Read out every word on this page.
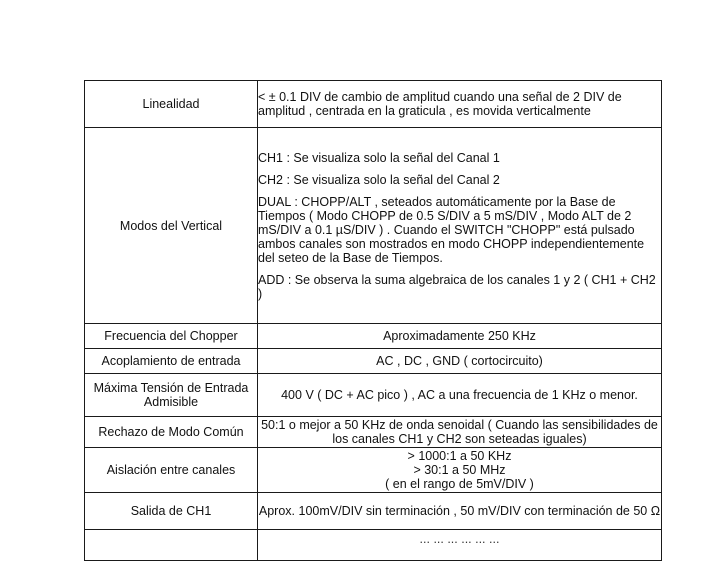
Linealidad	< ± 0.1 DIV de cambio de amplitud cuando una señal de 2 DIV de amplitud , centrada en la graticula , es movida verticalmente
Modos del Vertical	CH1 : Se visualiza solo la señal del Canal 1
CH2 : Se visualiza solo la señal del Canal 2
DUAL : CHOPP/ALT , seteados automáticamente por la Base de Tiempos ( Modo CHOPP de 0.5 S/DIV a 5 mS/DIV , Modo ALT de 2 mS/DIV a 0.1 µS/DIV ) . Cuando el SWITCH "CHOPP" está pulsado ambos canales son mostrados en modo CHOPP independientemente del seteo de la Base de Tiempos.
ADD : Se observa la suma algebraica de los canales 1 y 2 ( CH1 + CH2 )

Frecuencia del Chopper	Aproximadamente 250 KHz
Acoplamiento de entrada	AC , DC , GND ( cortocircuito)
Máxima Tensión de Entrada Admisible	400 V ( DC + AC pico ) , AC a una frecuencia de 1 KHz o menor.
Rechazo de Modo Común	50:1 o mejor a 50 KHz de onda senoidal ( Cuando las sensibilidades de los canales CH1 y CH2 son seteadas iguales)
Aislación entre canales	> 1000:1 a 50 KHz
> 30:1 a 50 MHz
( en el rango de 5mV/DIV )

Salida de CH1	Aprox. 100mV/DIV sin terminación , 50 mV/DIV con terminación de 50 Ω

	... ... ... ... ... ...
